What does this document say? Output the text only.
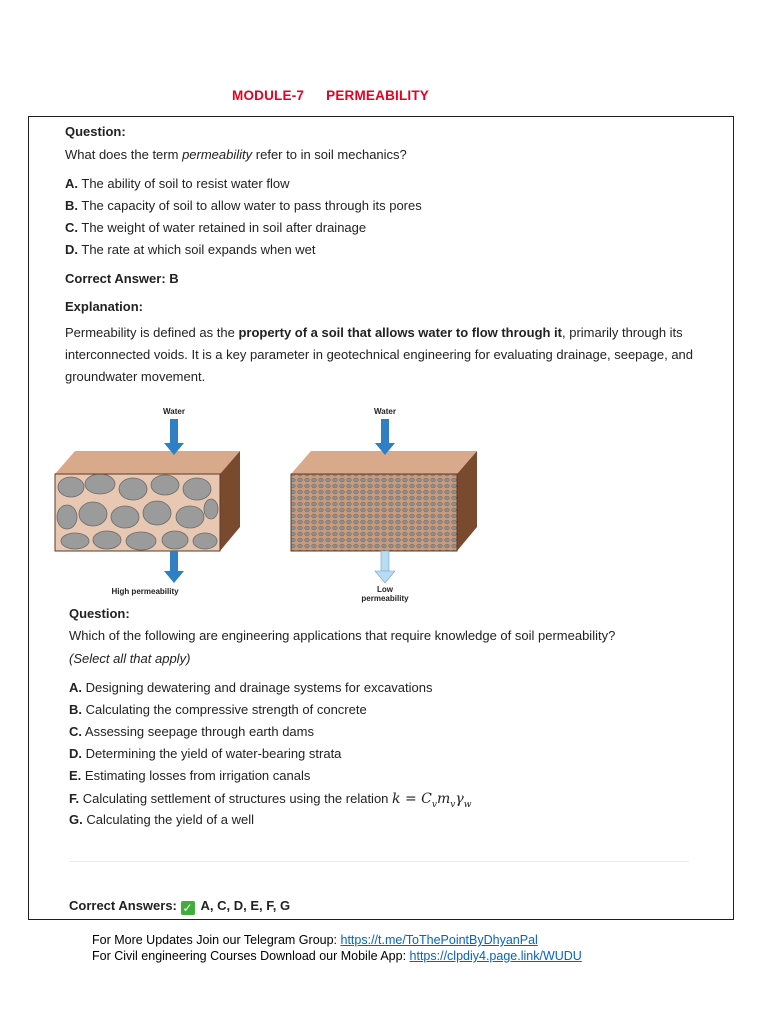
MODULE-7 PERMEABILITY
Question:
What does the term permeability refer to in soil mechanics?
A. The ability of soil to resist water flow
B. The capacity of soil to allow water to pass through its pores
C. The weight of water retained in soil after drainage
D. The rate at which soil expands when wet
Correct Answer: B
Explanation:
Permeability is defined as the property of a soil that allows water to flow through it, primarily through its interconnected voids. It is a key parameter in geotechnical engineering for evaluating drainage, seepage, and groundwater movement.
Water	Water
High permeability	Low
permeability
Question:
Which of the following are engineering applications that require knowledge of soil permeability?
(Select all that apply)
A. Designing dewatering and drainage systems for excavations
B. Calculating the compressive strength of concrete
C. Assessing seepage through earth dams
D. Determining the yield of water-bearing strata
E. Estimating losses from irrigation canals
F. Calculating settlement of structures using the relation $k = C_vm_v\gamma_w$
G. Calculating the yield of a well
Correct Answers: ✓ A, C, D, E, F, G
For More Updates Join our Telegram Group: https://t.me/ToThePointByDhyanPal
For Civil engineering Courses Download our Mobile App: https://clpdiy4.page.link/WUDU
